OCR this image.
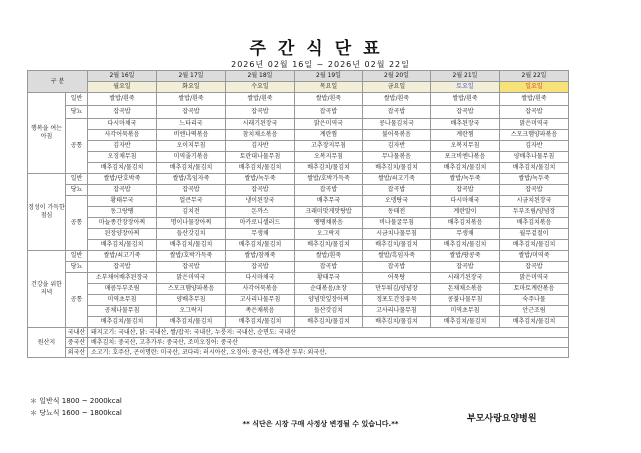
주간식단표
2026년 02월 16일 ~ 2026년 02월 22일
구 분		2월 16일	2월 17일	2월 18일	2월 19일	2월 20일	2월 21일	2월 22일
		월요일	화요일	수요일	목요일	금요일	토요일	일요일
행복을 여는 아침	일반	쌀밥/흰죽	쌀밥/흰죽	쌀밥/흰죽	쌀밥/흰죽	쌀밥/흰죽	쌀밥/흰죽	쌀밥/흰죽
	당뇨	잡곡밥	잡곡밥	잡곡밥	잡곡밥	잡곡밥	잡곡밥	잡곡밥
	공통	다시마채국	느타리국	시래기된장국	맑은미역국	콩나물김치국	배추된장국	맑은미역국
		사각어묵볶음	비엔나떡볶음	참치채소볶음	계란찜	불어묵볶음	계란찜	스모크햄양파볶음
		김자반	오이지무침	김자반	고추장지무침	김자반	오복지무침	김자반
		오징채무침	미역줄기볶음	토란대나물무침	오복지무침	무나물볶음	포크비엔나볶음	양배추나물무침
		배추김치/물김치	배추김치/물김치	배추김치/물김치	배추김치/물김치	배추김치/물김치	배추김치/물김치	배추김치/물김치
정성이 가득한 점심	일반	쌀밥/단호박죽	쌀밥/흑임자죽	쌀밥/녹두죽	쌀밥/호박가득죽	쌀밥/쇠고기죽	쌀밥/녹두죽	쌀밥/녹두죽
	당뇨	잡곡밥	잡곡밥	잡곡밥	잡곡밥	잡곡밥	잡곡밥	잡곡밥
	공통	황태무국	얼큰무국	냉이된장국	배추무국	오뎅탕국	다시마채국	시금치된장국
		동그랑땡	김치전	돈까스	크래미맛게맛탕밥	동태전	계란말이	두부조림/양념장
		마늘종간장장아찌	명이나물장아찌	마카로니샐러드	땡땡채볶음	비나물굴무침	배추김치볶음	배추김치볶음
		된장양장아찌	들산갓김치	무생채	오그락지	시금치나물무침	무생채	월무겉절이
		배추김치/물김치	배추김치/물김치	배추김치/물김치	배추김치/물김치	배추김치/물김치	배추김치/물김치	배추김치/물김치
건강을 위한 저녁	일반	쌀밥/쇠고기죽	쌀밥/호박가득죽	쌀밥/참깨죽	쌀밥/흰죽	쌀밥/흑임자죽	쌀밥/땅콩죽	쌀밥/미역죽
	당뇨	잡곡밥	잡곡밥	잡곡밥	잡곡밥	잡곡밥	잡곡밥	잡곡밥
	공통	소부채어배추된장국	맑은미역국	다시마채국	황태무국	어묵탕	시래기된장국	맑은미역국
		매콤두부조림	스모크햄양파볶음	사각어묵볶음	순대볶음/초장	만두튀김/양념장	돈채채소볶음	토마토계란볶음
		미역초무침	양배추무침	고사리나물무침	양념맛잎장아찌	정포도간장유묵	콩불나물무침	숙주나물
		공채나물무침	오그락지	족은채볶음	들산갓김치	고사리나물무침	미역초무침	안근조림
		배추김치/물김치	배추김치/물김치	배추김치/물김치	배추김치/물김치	배추김치/물김치	배추김치/물김치	배추김치/물김치
원산지	국내산	돼지고기: 국내산, 닭: 국내산, 쌀/잡곡: 국내산, 누룽지: 국내산, 순면도: 국내산						
	중국산	배추김치: 중국산, 고추가루: 중국산, 조미오징어: 중국산						
	외국산	소고기: 호주산, 곤이명란: 미국산, 코다리: 러시아산, 오징어: 중국산, 메추산 두부: 외국산,						
＊ 일반식 1800 ~ 2000kcal
＊ 당뇨식 1600 ~ 1800kcal
** 식단은 시장 구매 사정상 변경될 수 있습니다.**	부모사랑요양병원
